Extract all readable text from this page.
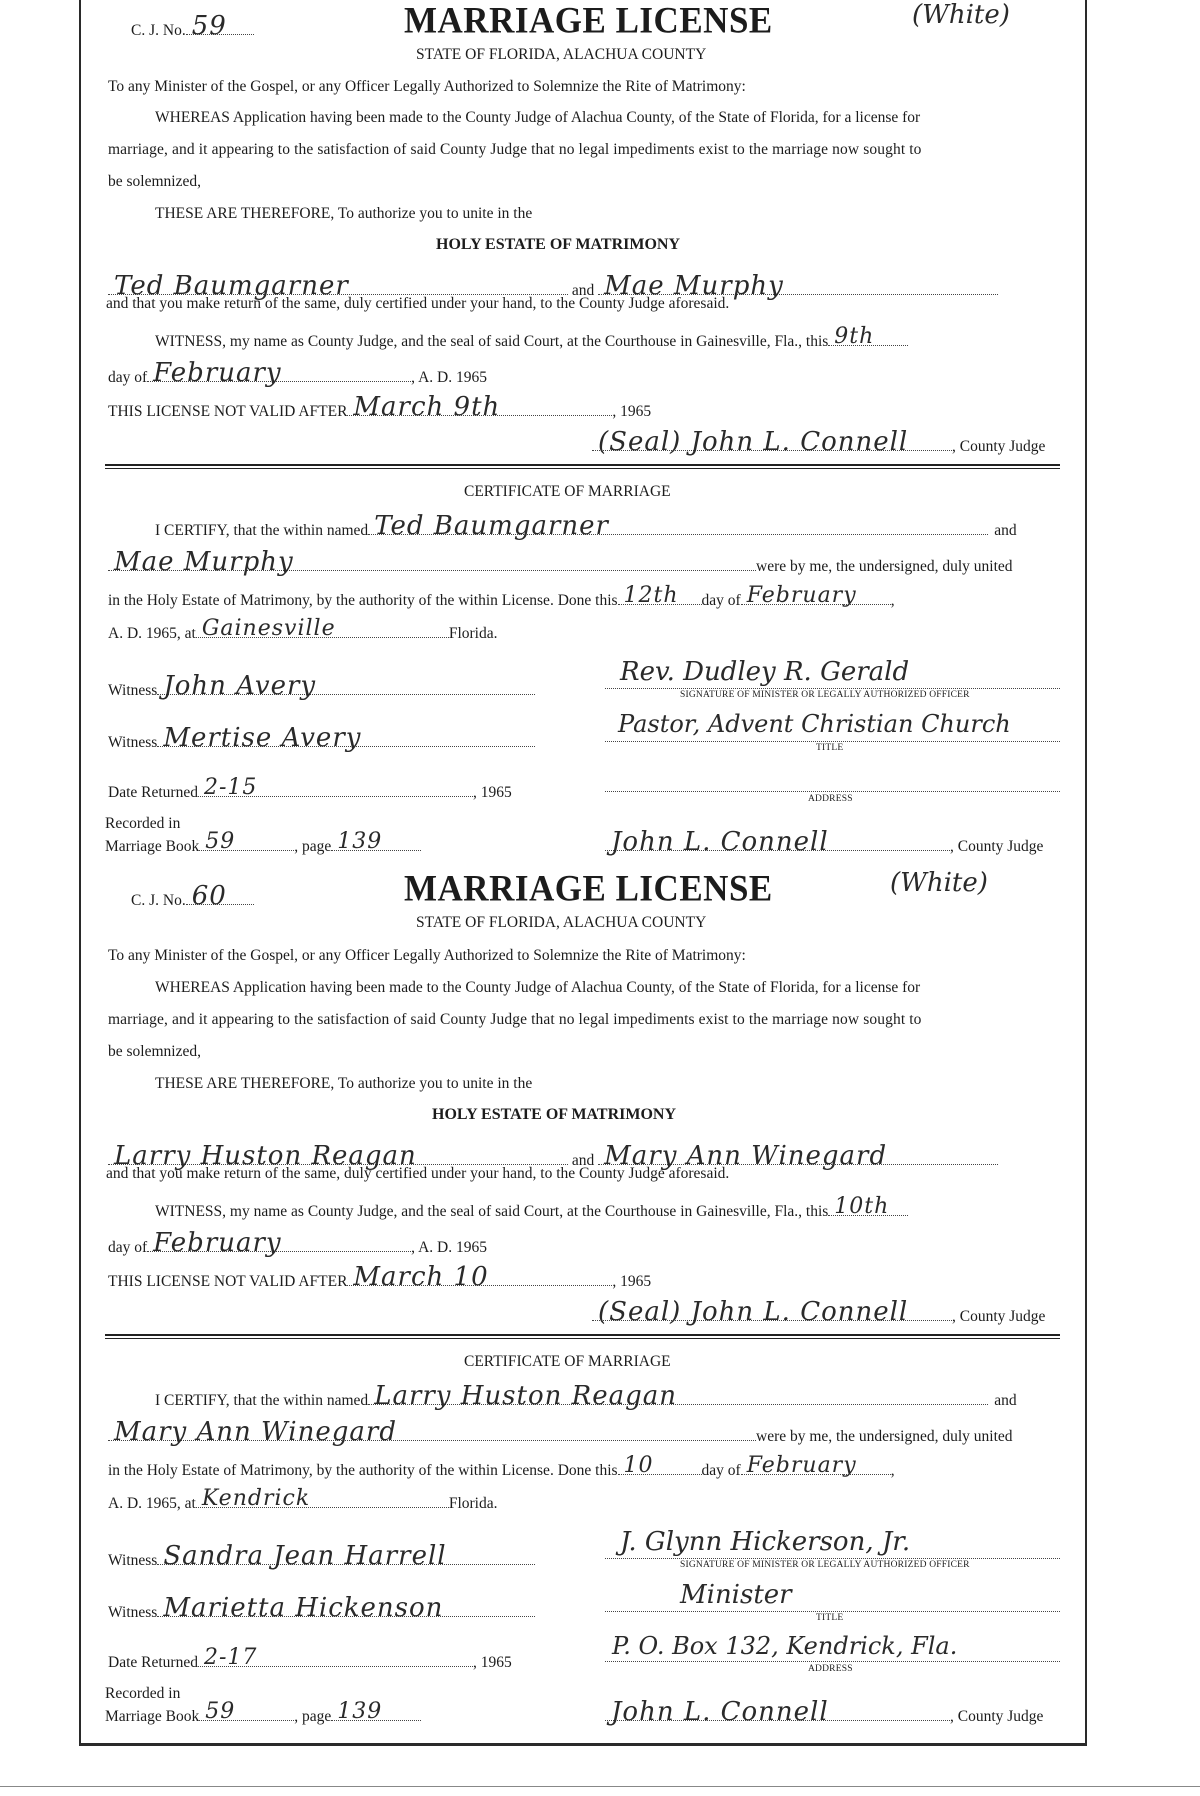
C. J. No. 59	MARRIAGE LICENSE	(White)
STATE OF FLORIDA, ALACHUA COUNTY
To any Minister of the Gospel, or any Officer Legally Authorized to Solemnize the Rite of Matrimony:
WHEREAS Application having been made to the County Judge of Alachua County, of the State of Florida, for a license for
marriage, and it appearing to the satisfaction of said County Judge that no legal impediments exist to the marriage now sought to
be solemnized,
THESE ARE THEREFORE, To authorize you to unite in the
HOLY ESTATE OF MATRIMONY
Ted Baumgarner	and Mae Murphy
and that you make return of the same, duly certified under your hand, to the County Judge aforesaid.
WITNESS, my name as County Judge, and the seal of said Court, at the Courthouse in Gainesville, Fla., this 9th
day of February	, A. D. 1965
THIS LICENSE NOT VALID AFTER March 9th	, 1965
(Seal) John L. Connell	, County Judge
CERTIFICATE OF MARRIAGE
I CERTIFY, that the within named Ted Baumgarner	and
Mae Murphy	were by me, the undersigned, duly united
in the Holy Estate of Matrimony, by the authority of the within License. Done this 12th day of February ,
A. D. 1965, at Gainesville	Florida.
Witness John Avery	Rev. Dudley R. Gerald
SIGNATURE OF MINISTER OR LEGALLY AUTHORIZED OFFICER
Witness Mertise Avery	Pastor, Advent Christian Church
TITLE
Date Returned 2-15	, 1965	ADDRESS
Recorded in
Marriage Book 59	, page 139	John L. Connell	, County Judge
C. J. No. 60	MARRIAGE LICENSE	(White)
STATE OF FLORIDA, ALACHUA COUNTY
To any Minister of the Gospel, or any Officer Legally Authorized to Solemnize the Rite of Matrimony:
WHEREAS Application having been made to the County Judge of Alachua County, of the State of Florida, for a license for
marriage, and it appearing to the satisfaction of said County Judge that no legal impediments exist to the marriage now sought to
be solemnized,
THESE ARE THEREFORE, To authorize you to unite in the
HOLY ESTATE OF MATRIMONY
Larry Huston Reagan	and Mary Ann Winegard
and that you make return of the same, duly certified under your hand, to the County Judge aforesaid.
WITNESS, my name as County Judge, and the seal of said Court, at the Courthouse in Gainesville, Fla., this 10th
day of February	, A. D. 1965
THIS LICENSE NOT VALID AFTER March 10	, 1965
(Seal) John L. Connell	, County Judge
CERTIFICATE OF MARRIAGE
I CERTIFY, that the within named Larry Huston Reagan	and
Mary Ann Winegard	were by me, the undersigned, duly united
in the Holy Estate of Matrimony, by the authority of the within License. Done this 10	day of February ,
A. D. 1965, at Kendrick	Florida.
Witness Sandra Jean Harrell	J. Glynn Hickerson, Jr.
SIGNATURE OF MINISTER OR LEGALLY AUTHORIZED OFFICER
Witness Marietta Hickenson	Minister
TITLE
Date Returned 2-17	, 1965
P. O. Box 132, Kendrick, Fla.
ADDRESS
Recorded in
Marriage Book 59	, page 139	John L. Connell	, County Judge
